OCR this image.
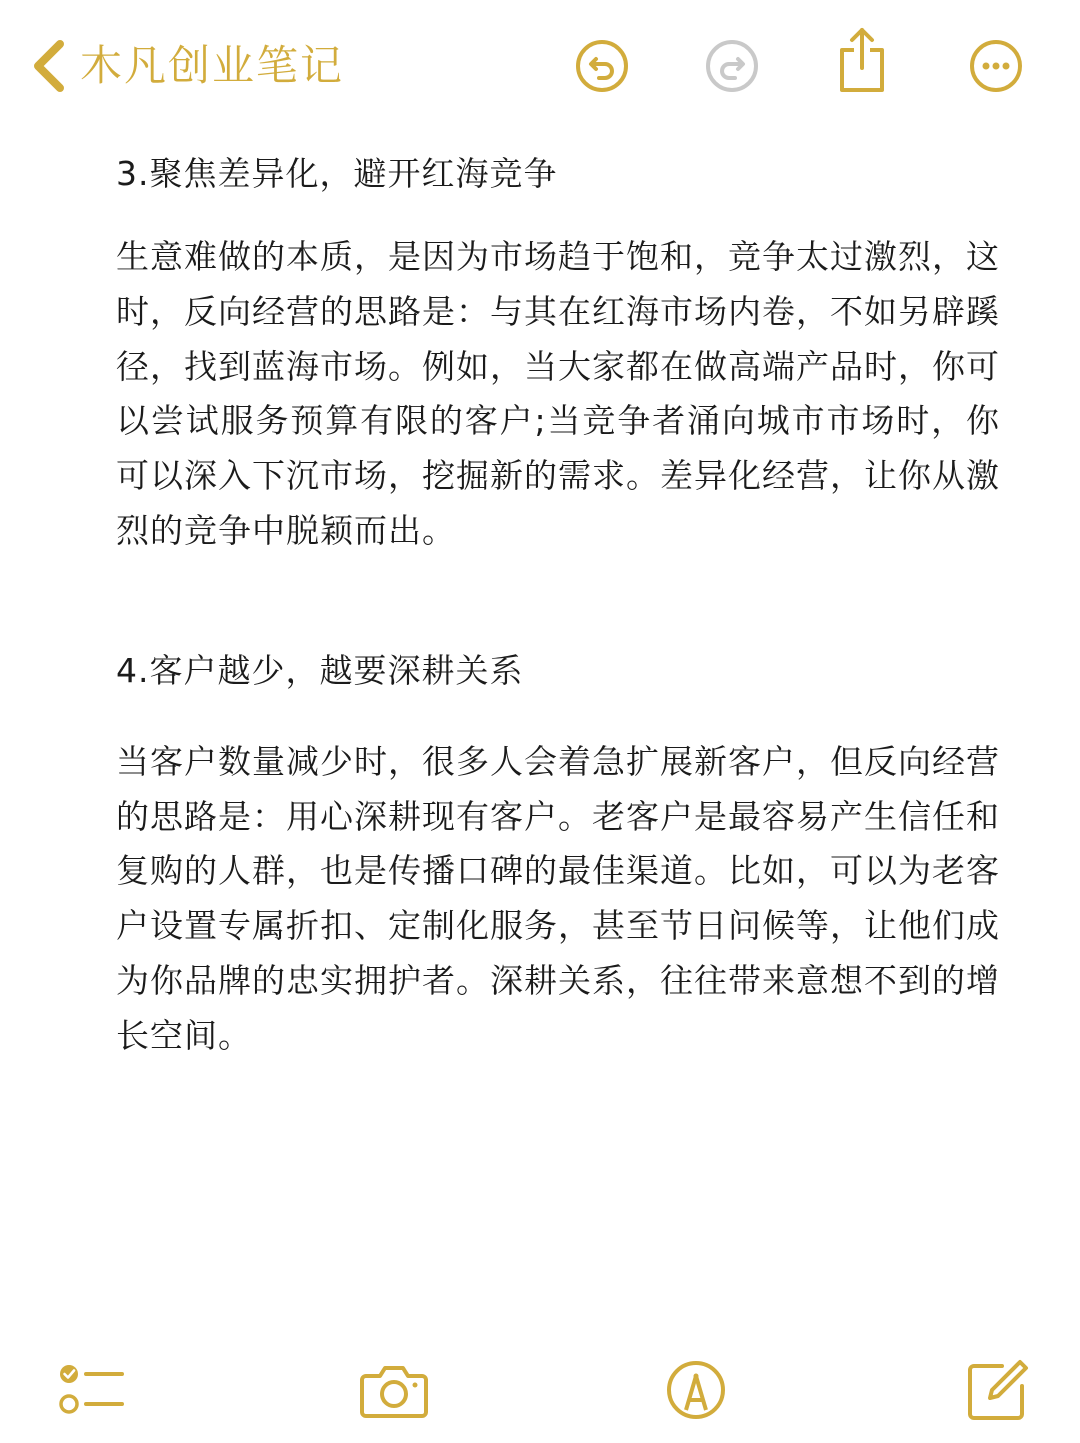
木凡创业笔记
3.聚焦差异化，避开红海竞争

生意难做的本质，是因为市场趋于饱和，竞争太过激烈，这时，反向经营的思路是：与其在红海市场内卷，不如另辟蹊径，找到蓝海市场。例如，当大家都在做高端产品时，你可以尝试服务预算有限的客户;当竞争者涌向城市市场时，你可以深入下沉市场，挖掘新的需求。差异化经营，让你从激烈的竞争中脱颖而出。

4.客户越少，越要深耕关系

当客户数量减少时，很多人会着急扩展新客户，但反向经营的思路是：用心深耕现有客户。老客户是最容易产生信任和复购的人群，也是传播口碑的最佳渠道。比如，可以为老客户设置专属折扣、定制化服务，甚至节日问候等，让他们成为你品牌的忠实拥护者。深耕关系，往往带来意想不到的增长空间。
